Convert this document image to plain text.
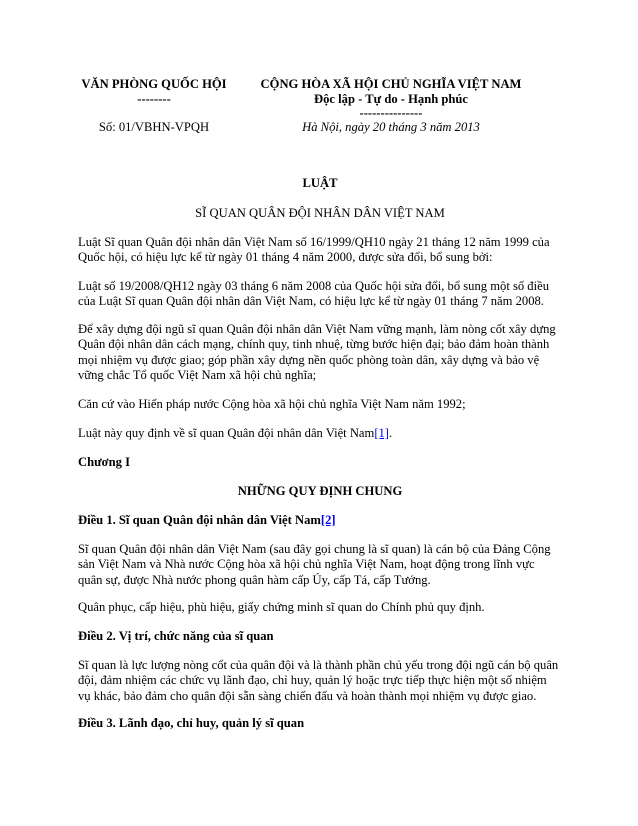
VĂN PHÒNG QUỐC HỘI
--------
Số: 01/VBHN-VPQH
CỘNG HÒA XÃ HỘI CHỦ NGHĨA VIỆT NAM
Độc lập - Tự do - Hạnh phúc
---------------
Hà Nội, ngày 20 tháng 3 năm 2013
LUẬT
SĨ QUAN QUÂN ĐỘI NHÂN DÂN VIỆT NAM
Luật Sĩ quan Quân đội nhân dân Việt Nam số 16/1999/QH10 ngày 21 tháng 12 năm 1999 của Quốc hội, có hiệu lực kể từ ngày 01 tháng 4 năm 2000, được sửa đổi, bổ sung bởi:
Luật số 19/2008/QH12 ngày 03 tháng 6 năm 2008 của Quốc hội sửa đổi, bổ sung một số điều của Luật Sĩ quan Quân đội nhân dân Việt Nam, có hiệu lực kể từ ngày 01 tháng 7 năm 2008.
Để xây dựng đội ngũ sĩ quan Quân đội nhân dân Việt Nam vững mạnh, làm nòng cốt xây dựng Quân đội nhân dân cách mạng, chính quy, tinh nhuệ, từng bước hiện đại; bảo đảm hoàn thành mọi nhiệm vụ được giao; góp phần xây dựng nền quốc phòng toàn dân, xây dựng và bảo vệ vững chắc Tổ quốc Việt Nam xã hội chủ nghĩa;
Căn cứ vào Hiến pháp nước Cộng hòa xã hội chủ nghĩa Việt Nam năm 1992;
Luật này quy định về sĩ quan Quân đội nhân dân Việt Nam[1].
Chương I
NHỮNG QUY ĐỊNH CHUNG
Điều 1. Sĩ quan Quân đội nhân dân Việt Nam[2]
Sĩ quan Quân đội nhân dân Việt Nam (sau đây gọi chung là sĩ quan) là cán bộ của Đảng Cộng sản Việt Nam và Nhà nước Cộng hòa xã hội chủ nghĩa Việt Nam, hoạt động trong lĩnh vực quân sự, được Nhà nước phong quân hàm cấp Úy, cấp Tá, cấp Tướng.
Quân phục, cấp hiệu, phù hiệu, giấy chứng minh sĩ quan do Chính phủ quy định.
Điều 2. Vị trí, chức năng của sĩ quan
Sĩ quan là lực lượng nòng cốt của quân đội và là thành phần chủ yếu trong đội ngũ cán bộ quân đội, đảm nhiệm các chức vụ lãnh đạo, chỉ huy, quản lý hoặc trực tiếp thực hiện một số nhiệm vụ khác, bảo đảm cho quân đội sẵn sàng chiến đấu và hoàn thành mọi nhiệm vụ được giao.
Điều 3. Lãnh đạo, chỉ huy, quản lý sĩ quan
